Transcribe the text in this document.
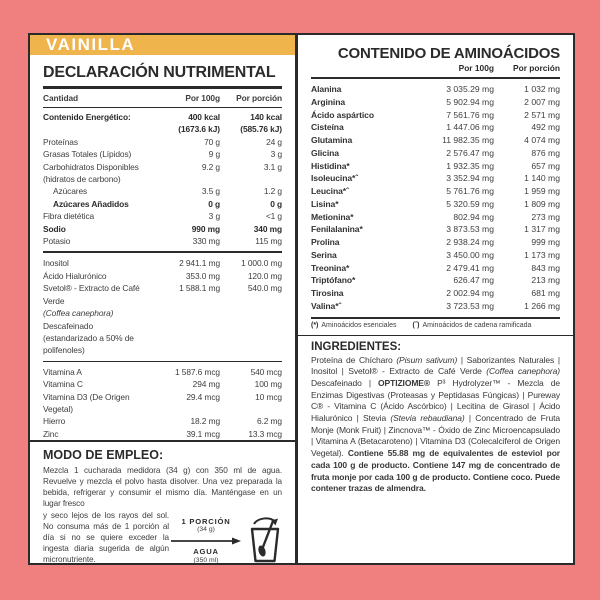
VAINILLA
DECLARACIÓN NUTRIMENTAL
Cantidad	Por 100g	Por porción
Contenido Energético:	400 kcal	140 kcal
(1673.6 kJ)	(585.76 kJ)
Proteínas	70 g	24 g
Grasas Totales (Lípidos)	9 g	3 g
Carbohidratos Disponibles	9.2 g	3.1 g
(hidratos de carbono)
Azúcares	3.5 g	1.2 g
Azúcares Añadidos	0 g	0 g
Fibra dietética	3 g	<1 g
Sodio	990 mg	340 mg
Potasio	330 mg	115 mg
Inositol	2 941.1 mg	1 000.0 mg
Ácido Hialurónico	353.0 mg	120.0 mg
Svetol® - Extracto de Café Verde
1 588.1 mg	540.0 mg
(Coffea canephora) Descafeinado
(estandarizado a 50% de polifenoles)
Vitamina A	1 587.6 mcg	540 mcg
Vitamina C	294 mg	100 mg
Vitamina D3 (De Origen Vegetal)
29.4 mcg	10 mcg
Hierro	18.2 mg	6.2 mg
Zinc	39.1 mcg	13.3 mcg
MODO DE EMPLEO:

Mezcla 1 cucharada medidora (34 g) con 350 ml de agua. Revuelve y mezcla el polvo hasta disolver. Una vez preparada la bebida, refrigerar y consumir el mismo día. Manténgase en un lugar fresco

y seco lejos de los rayos del sol. No consuma más de 1 porción al día si no se quiere exceder la ingesta diaria sugerida de algún micronutriente.

1 PORCIÓN
(34 g)
AGUA
(350 ml)
CONTENIDO DE AMINOÁCIDOS
Por 100g	Por porción
Alanina	3 035.29 mg	1 032 mg
Arginina	5 902.94 mg	2 007 mg
Ácido aspártico	7 561.76 mg	2 571 mg
Cisteína	1 447.06 mg	492 mg
Glutamina	11 982.35 mg	4 074 mg
Glicina	2 576.47 mg	876 mg
Histidina*	1 932.35 mg	657 mg
Isoleucina*ˆ	3 352.94 mg	1 140 mg
Leucina*ˆ	5 761.76 mg	1 959 mg
Lisina*	5 320.59 mg	1 809 mg
Metionina*	802.94 mg	273 mg
Fenilalanina*	3 873.53 mg	1 317 mg
Prolina	2 938.24 mg	999 mg
Serina	3 450.00 mg	1 173 mg
Treonina*	2 479.41 mg	843 mg
Triptófano*	626.47 mg	213 mg
Tirosina	2 002.94 mg	681 mg
Valina*ˆ	3 723.53 mg	1 266 mg
(*) Aminoácidos esenciales (ˆ) Aminoácidos de cadena ramificada
INGREDIENTES:

Proteína de Chícharo (Pisum sativum) | Saborizantes Naturales | Inositol | Svetol® - Extracto de Café Verde (Coffea canephora) Descafeinado | OPTIZIOME® P³ Hydrolyzer™ - Mezcla de Enzimas Digestivas (Proteasas y Peptidasas Fúngicas) | Pureway C® - Vitamina C (Ácido Ascórbico) | Lecitina de Girasol | Ácido Hialurónico | Stevia (Stevia rebaudiana) | Concentrado de Fruta Monje (Monk Fruit) | Zincnova™ - Óxido de Zinc Microencapsulado | Vitamina A (Betacaroteno) | Vitamina D3 (Colecalciferol de Origen Vegetal). Contiene 55.88 mg de equivalentes de esteviol por cada 100 g de producto. Contiene 147 mg de concentrado de fruta monje por cada 100 g de producto. Contiene coco. Puede contener trazas de almendra.
